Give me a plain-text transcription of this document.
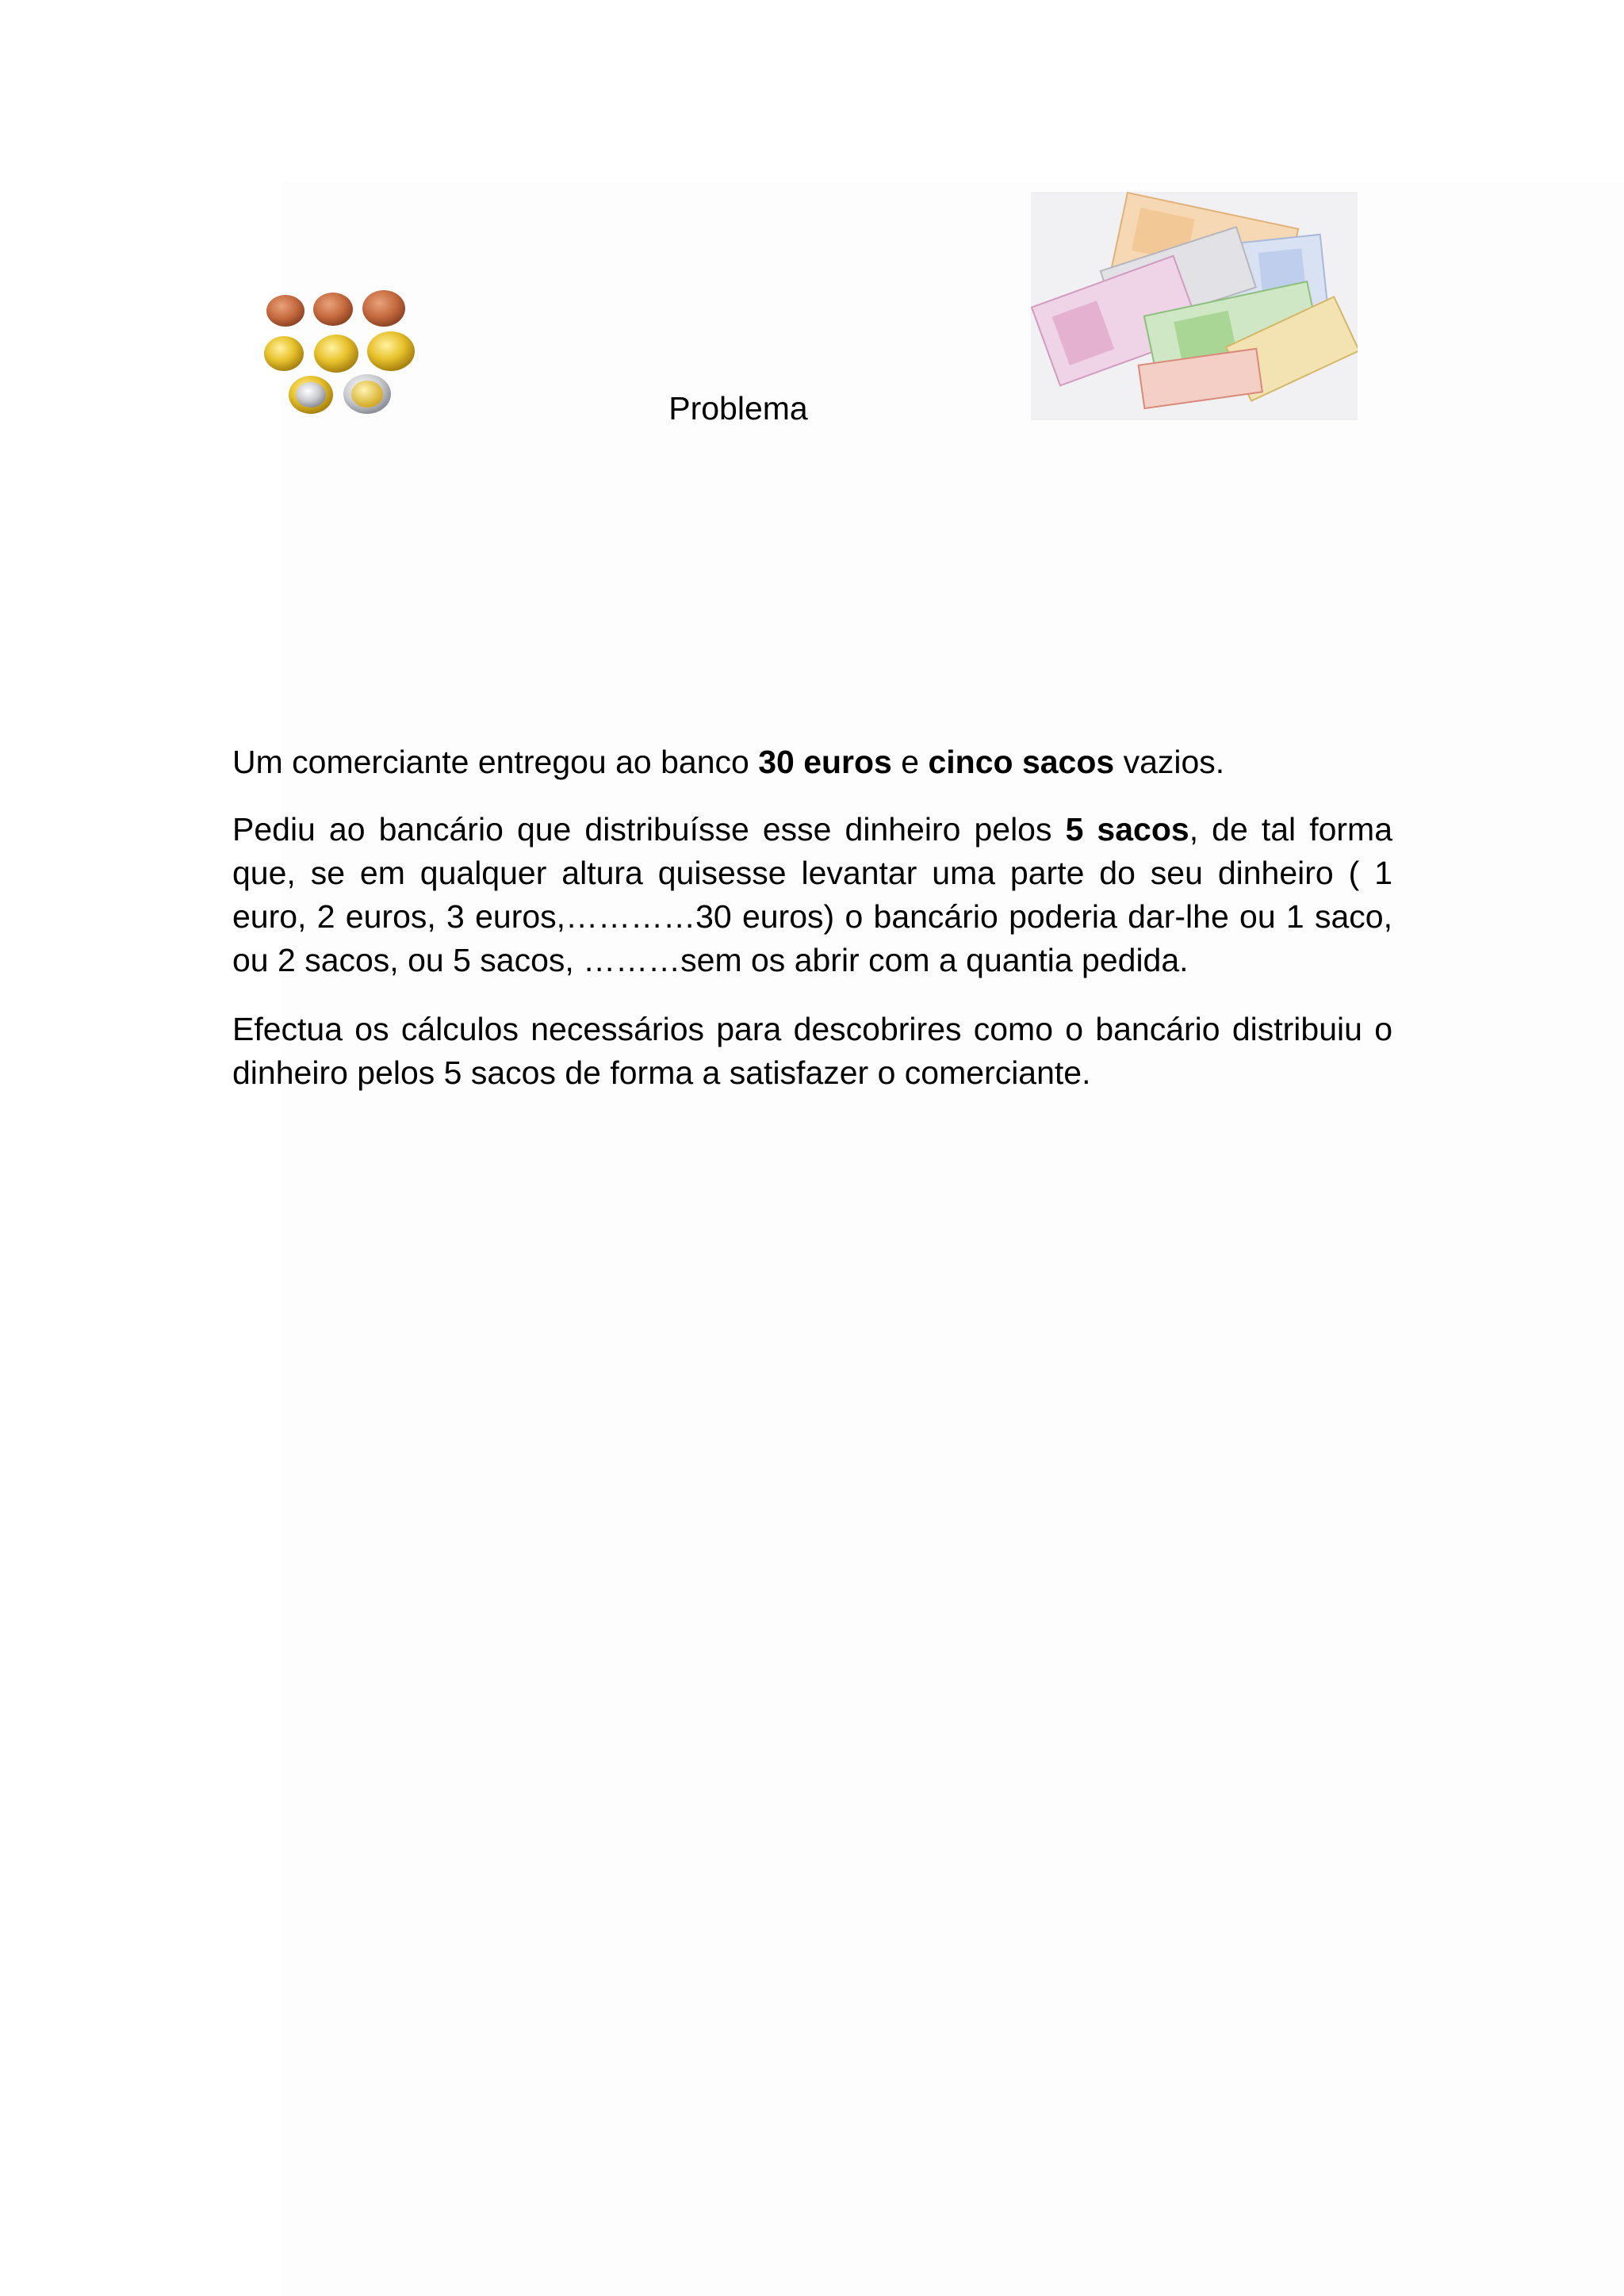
Problema

Um comerciante entregou ao banco 30 euros e cinco sacos vazios.

Pediu ao bancário que distribuísse esse dinheiro pelos 5 sacos, de tal forma que, se em qualquer altura quisesse levantar uma parte do seu dinheiro ( 1 euro, 2 euros, 3 euros,…………30 euros) o bancário poderia dar-lhe ou 1 saco, ou 2 sacos, ou 5 sacos, ………sem os abrir com a quantia pedida.

Efectua os cálculos necessários para descobrires como o bancário distribuiu o dinheiro pelos 5 sacos de forma a satisfazer o comerciante.
